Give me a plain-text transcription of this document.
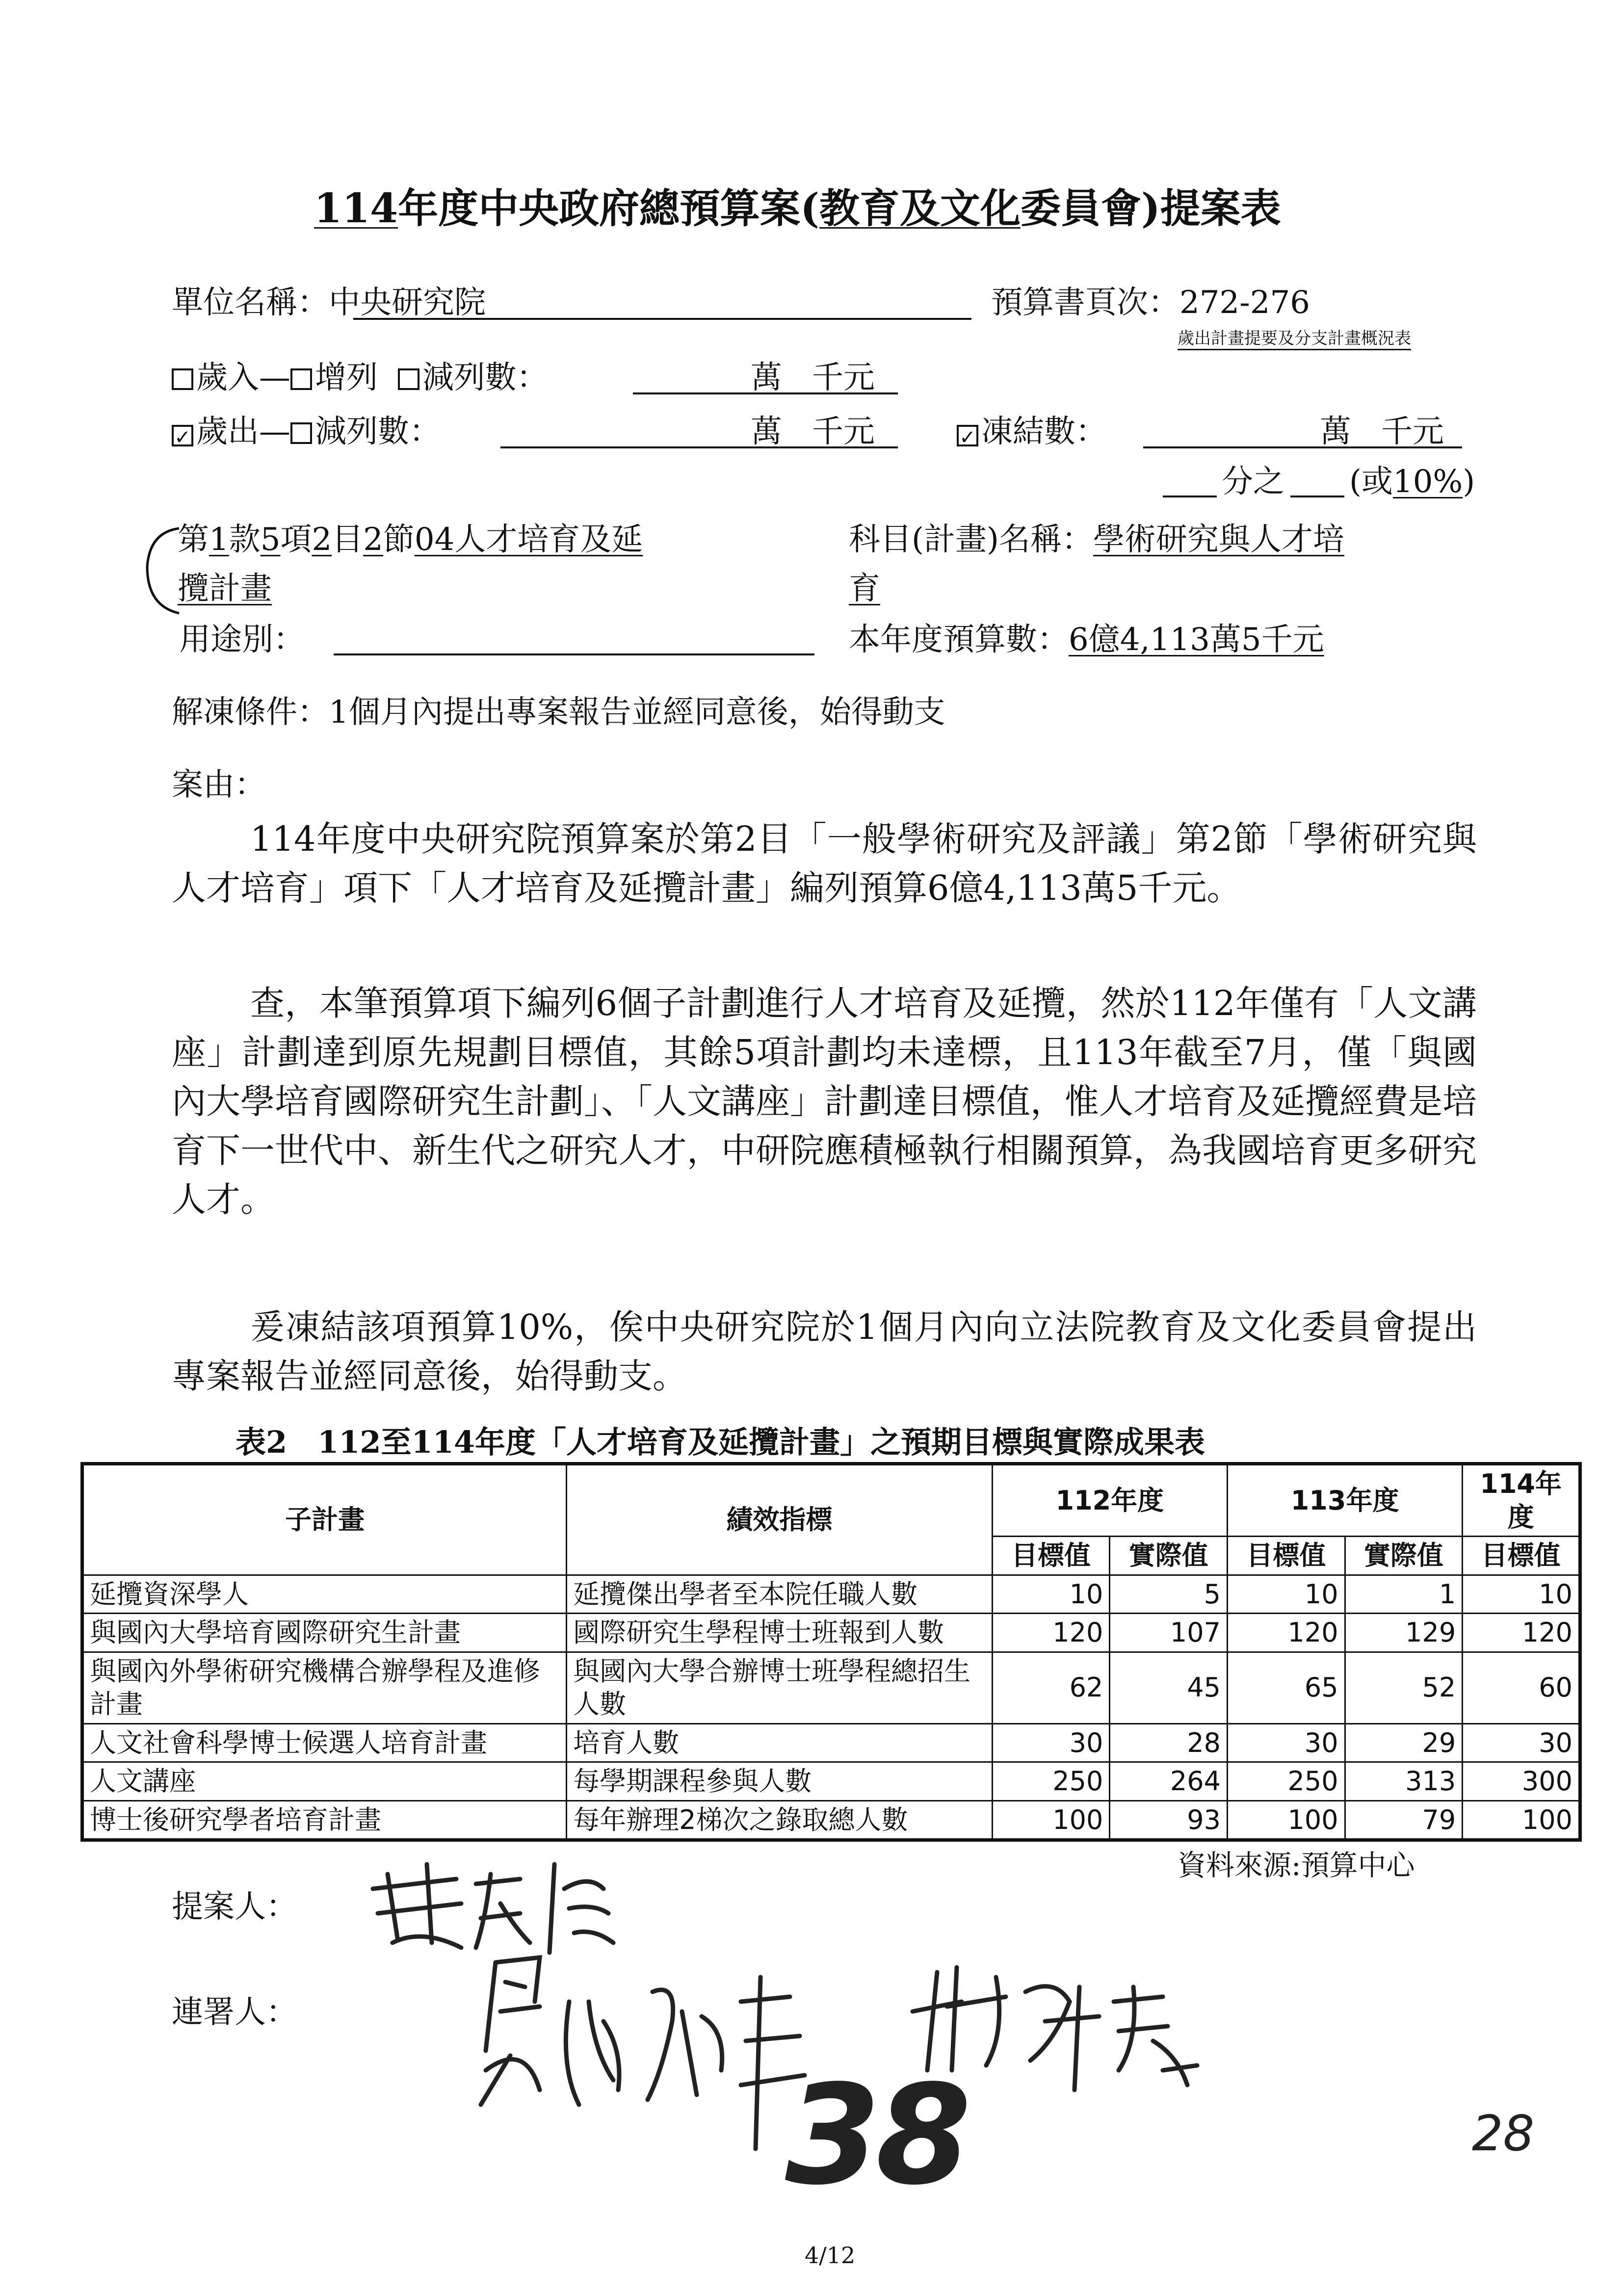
114年度中央政府總預算案(教育及文化委員會)提案表
單位名稱：中央研究院	預算書頁次：272-276
歲出計畫提要及分支計畫概況表
歲入— 增列 減列數：	萬 千元
✓ 歲出— 減列數：	萬 千元	✓ 凍結數：	萬 千元
分之 (或10%)
第1款5項2目2節04人才培育及延
攬計畫
科目(計畫)名稱：學術研究與人才培
育
用途別：	本年度預算數：6億4,113萬5千元
解凍條件：1個月內提出專案報告並經同意後，始得動支
案由：
114年度中央研究院預算案於第2目「一般學術研究及評議」第2節「學術研究與人才培育」項下「人才培育及延攬計畫」編列預算6億4,113萬5千元。
查，本筆預算項下編列6個子計劃進行人才培育及延攬，然於112年僅有「人文講座」計劃達到原先規劃目標值，其餘5項計劃均未達標，且113年截至7月，僅「與國內大學培育國際研究生計劃」、「人文講座」計劃達目標值，惟人才培育及延攬經費是培育下一世代中、新生代之研究人才，中研院應積極執行相關預算，為我國培育更多研究人才。
爰凍結該項預算10%，俟中央研究院於1個月內向立法院教育及文化委員會提出專案報告並經同意後，始得動支。
表2　112至114年度「人才培育及延攬計畫」之預期目標與實際成果表
子計畫	績效指標	112年度		113年度		114年度
		目標值	實際值	目標值	實際值	目標值
延攬資深學人	延攬傑出學者至本院任職人數	10	5	10	1	10
與國內大學培育國際研究生計畫	國際研究生學程博士班報到人數	120	107	120	129	120
與國內外學術研究機構合辦學程及進修計畫	與國內大學合辦博士班學程總招生人數	62	45	65	52	60
人文社會科學博士候選人培育計畫	培育人數	30	28	30	29	30
人文講座	每學期課程參與人數	250	264	250	313	300
博士後研究學者培育計畫	每年辦理2梯次之錄取總人數	100	93	100	79	100
資料來源:預算中心
提案人：
連署人：
38	28
4/12
